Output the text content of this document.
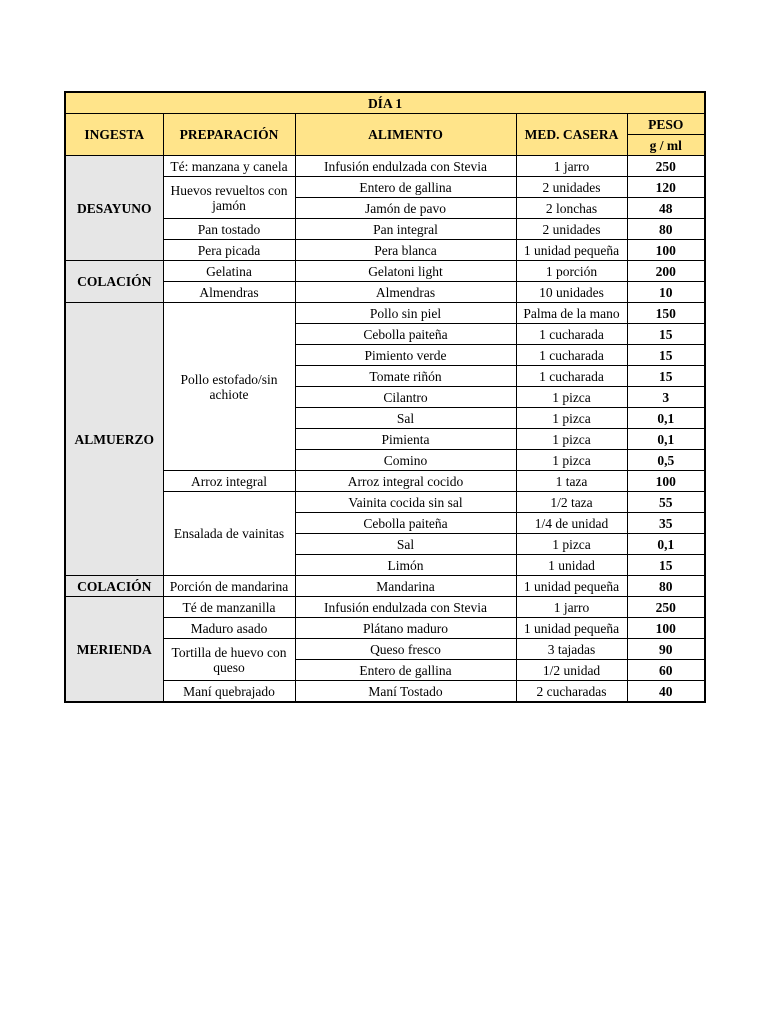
DÍA 1				
INGESTA	PREPARACIÓN	ALIMENTO	MED. CASERA	PESO
				g / ml
DESAYUNO	Té: manzana y canela	Infusión endulzada con Stevia	1 jarro	250
	Huevos revueltos con jamón	Entero de gallina	2 unidades	120
		Jamón de pavo	2 lonchas	48
	Pan tostado	Pan integral	2 unidades	80
	Pera picada	Pera blanca	1 unidad pequeña	100
COLACIÓN	Gelatina	Gelatoni light	1 porción	200
	Almendras	Almendras	10 unidades	10
ALMUERZO	Pollo estofado/sin achiote	Pollo sin piel	Palma de la mano	150
		Cebolla paiteña	1 cucharada	15
		Pimiento verde	1 cucharada	15
		Tomate riñón	1 cucharada	15
		Cilantro	1 pizca	3
		Sal	1 pizca	0,1
		Pimienta	1 pizca	0,1
		Comino	1 pizca	0,5
	Arroz integral	Arroz integral cocido	1 taza	100
	Ensalada de vainitas	Vainita cocida sin sal	1/2 taza	55
		Cebolla paiteña	1/4 de unidad	35
		Sal	1 pizca	0,1
		Limón	1 unidad	15
COLACIÓN	Porción de mandarina	Mandarina	1 unidad pequeña	80
MERIENDA	Té de manzanilla	Infusión endulzada con Stevia	1 jarro	250
	Maduro asado	Plátano maduro	1 unidad pequeña	100
	Tortilla de huevo con queso	Queso fresco	3 tajadas	90
		Entero de gallina	1/2 unidad	60
	Maní quebrajado	Maní Tostado	2 cucharadas	40
